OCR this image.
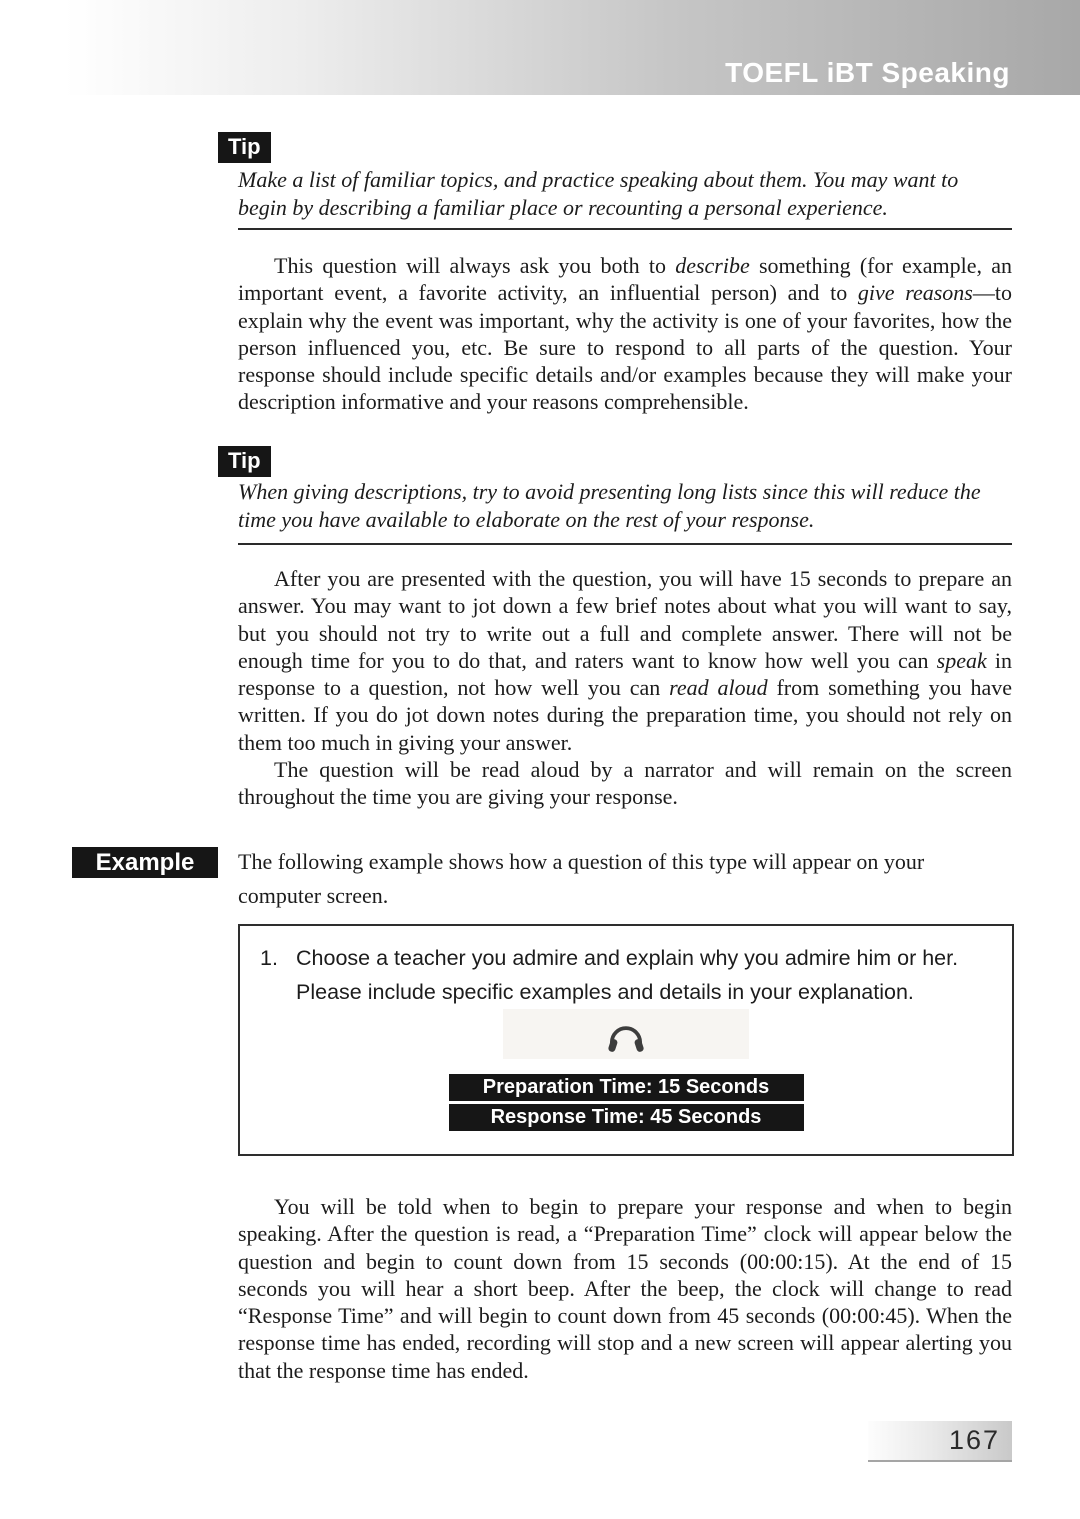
TOEFL iBT Speaking
Tip
Make a list of familiar topics, and practice speaking about them. You may want to begin by describing a familiar place or recounting a personal experience.
This question will always ask you both to describe something (for example, an important event, a favorite activity, an influential person) and to give reasons—to explain why the event was important, why the activity is one of your favorites, how the person influenced you, etc. Be sure to respond to all parts of the question. Your response should include specific details and/or examples because they will make your description informative and your reasons comprehensible.
Tip
When giving descriptions, try to avoid presenting long lists since this will reduce the time you have available to elaborate on the rest of your response.
After you are presented with the question, you will have 15 seconds to prepare an answer. You may want to jot down a few brief notes about what you will want to say, but you should not try to write out a full and complete answer. There will not be enough time for you to do that, and raters want to know how well you can speak in response to a question, not how well you can read aloud from something you have written. If you do jot down notes during the preparation time, you should not rely on them too much in giving your answer.
The question will be read aloud by a narrator and will remain on the screen throughout the time you are giving your response.
Example	The following example shows how a question of this type will appear on your computer screen.
1. Choose a teacher you admire and explain why you admire him or her. Please include specific examples and details in your explanation.
Preparation Time: 15 Seconds
Response Time: 45 Seconds
You will be told when to begin to prepare your response and when to begin speaking. After the question is read, a “Preparation Time” clock will appear below the question and begin to count down from 15 seconds (00:00:15). At the end of 15 seconds you will hear a short beep. After the beep, the clock will change to read “Response Time” and will begin to count down from 45 seconds (00:00:45). When the response time has ended, recording will stop and a new screen will appear alerting you that the response time has ended.
167
